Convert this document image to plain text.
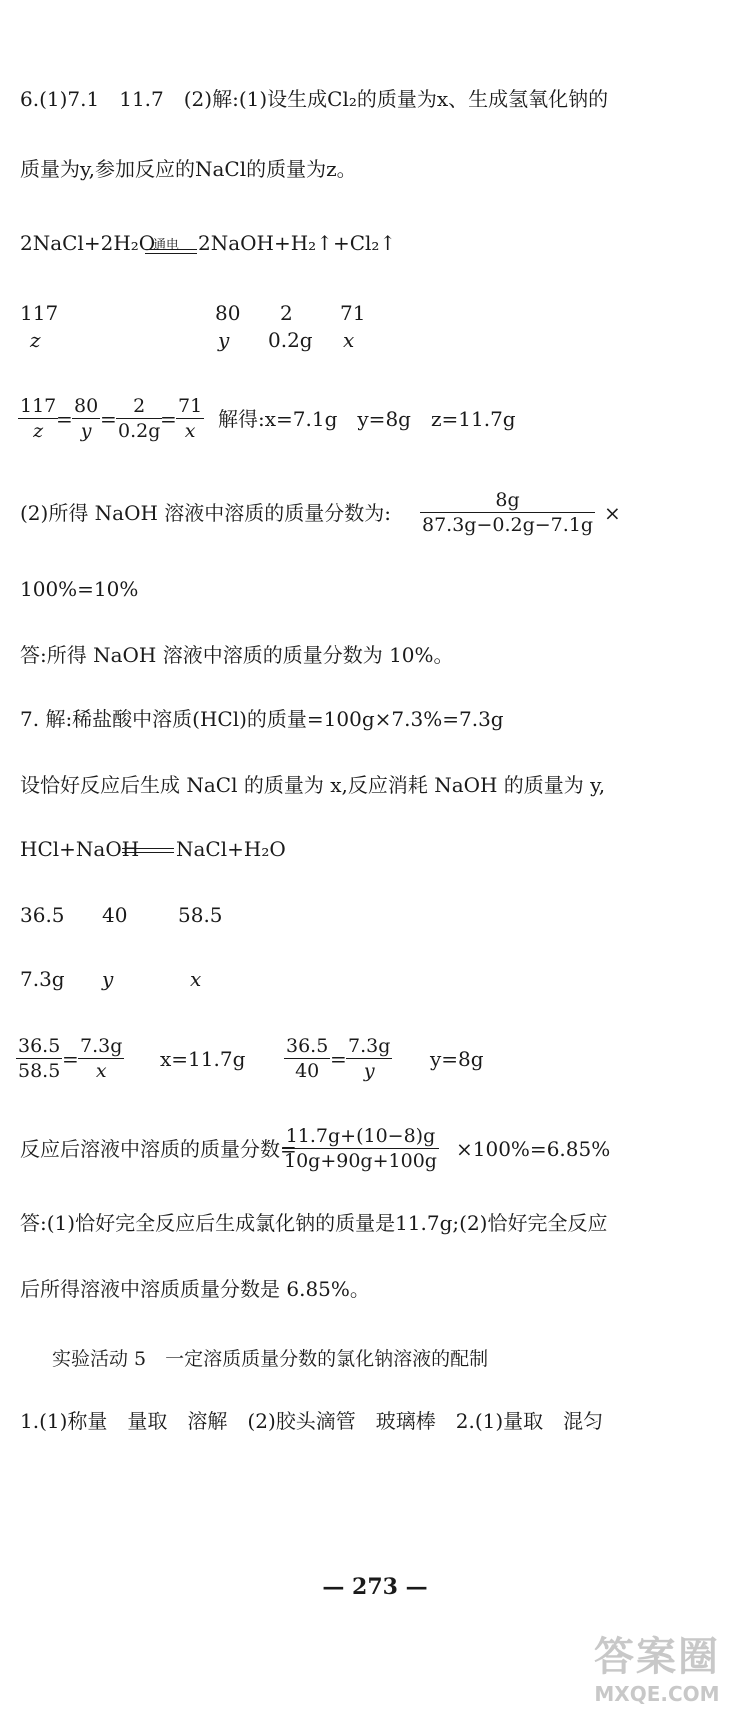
6.(1)7.1　11.7　(2)解:(1)设生成Cl₂的质量为x、生成氢氧化钠的
质量为y,参加反应的NaCl的质量为z。
2NaCl+2H₂O
通电 2NaOH+H₂↑+Cl₂↑
117	80 2 71
z	y 0.2g x
117
z =
80
y =
2
0.2g =
71
x	解得:x=7.1g　y=8g　z=11.7g
(2)所得 NaOH 溶液中溶质的质量分数为:
8g
87.3g−0.2g−7.1g ×
100%=10%
答:所得 NaOH 溶液中溶质的质量分数为 10%。
7. 解:稀盐酸中溶质(HCl)的质量=100g×7.3%=7.3g
设恰好反应后生成 NaCl 的质量为 x,反应消耗 NaOH 的质量为 y,
HCl+NaOH NaCl+H₂O
36.5 40	58.5
7.3g y	x
36.5
58.5 =
7.3g
x	x=11.7g
36.5
40 =
7.3g
y	y=8g
反应后溶液中溶质的质量分数=
11.7g+(10−8)g
10g+90g+100g ×100%=6.85%
答:(1)恰好完全反应后生成氯化钠的质量是11.7g;(2)恰好完全反应
后所得溶液中溶质质量分数是 6.85%。
实验活动 5　一定溶质质量分数的氯化钠溶液的配制
1.(1)称量　量取　溶解　(2)胶头滴管　玻璃棒　2.(1)量取　混匀
— 273 —
答案圈
MXQE.COM
